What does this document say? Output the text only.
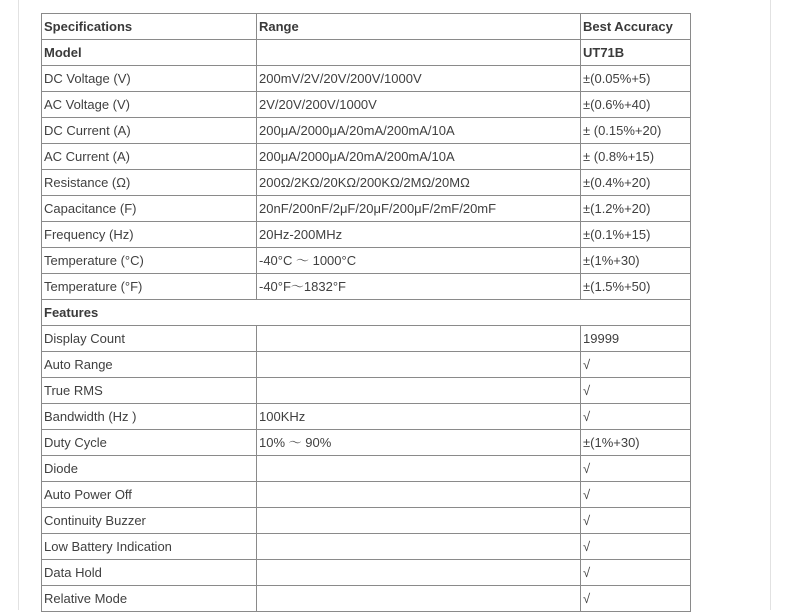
Specifications	Range	Best Accuracy
Model		UT71B
DC Voltage (V)	200mV/2V/20V/200V/1000V	±(0.05%+5)
AC Voltage (V)	2V/20V/200V/1000V	±(0.6%+40)
DC Current (A)	200μA/2000μA/20mA/200mA/10A	± (0.15%+20)
AC Current (A)	200μA/2000μA/20mA/200mA/10A	± (0.8%+15)
Resistance (Ω)	200Ω/2KΩ/20KΩ/200KΩ/2MΩ/20MΩ	±(0.4%+20)
Capacitance (F)	20nF/200nF/2μF/20μF/200μF/2mF/20mF	±(1.2%+20)
Frequency (Hz)	20Hz-200MHz	±(0.1%+15)
Temperature (°C)	-40°C ～ 1000°C	±(1%+30)
Temperature (°F)	-40°F～1832°F	±(1.5%+50)
Features		
Display Count		19999
Auto Range		√
True RMS		√
Bandwidth (Hz )	100KHz	√
Duty Cycle	10% ～ 90%	±(1%+30)
Diode		√
Auto Power Off		√
Continuity Buzzer		√
Low Battery Indication		√
Data Hold		√
Relative Mode		√
